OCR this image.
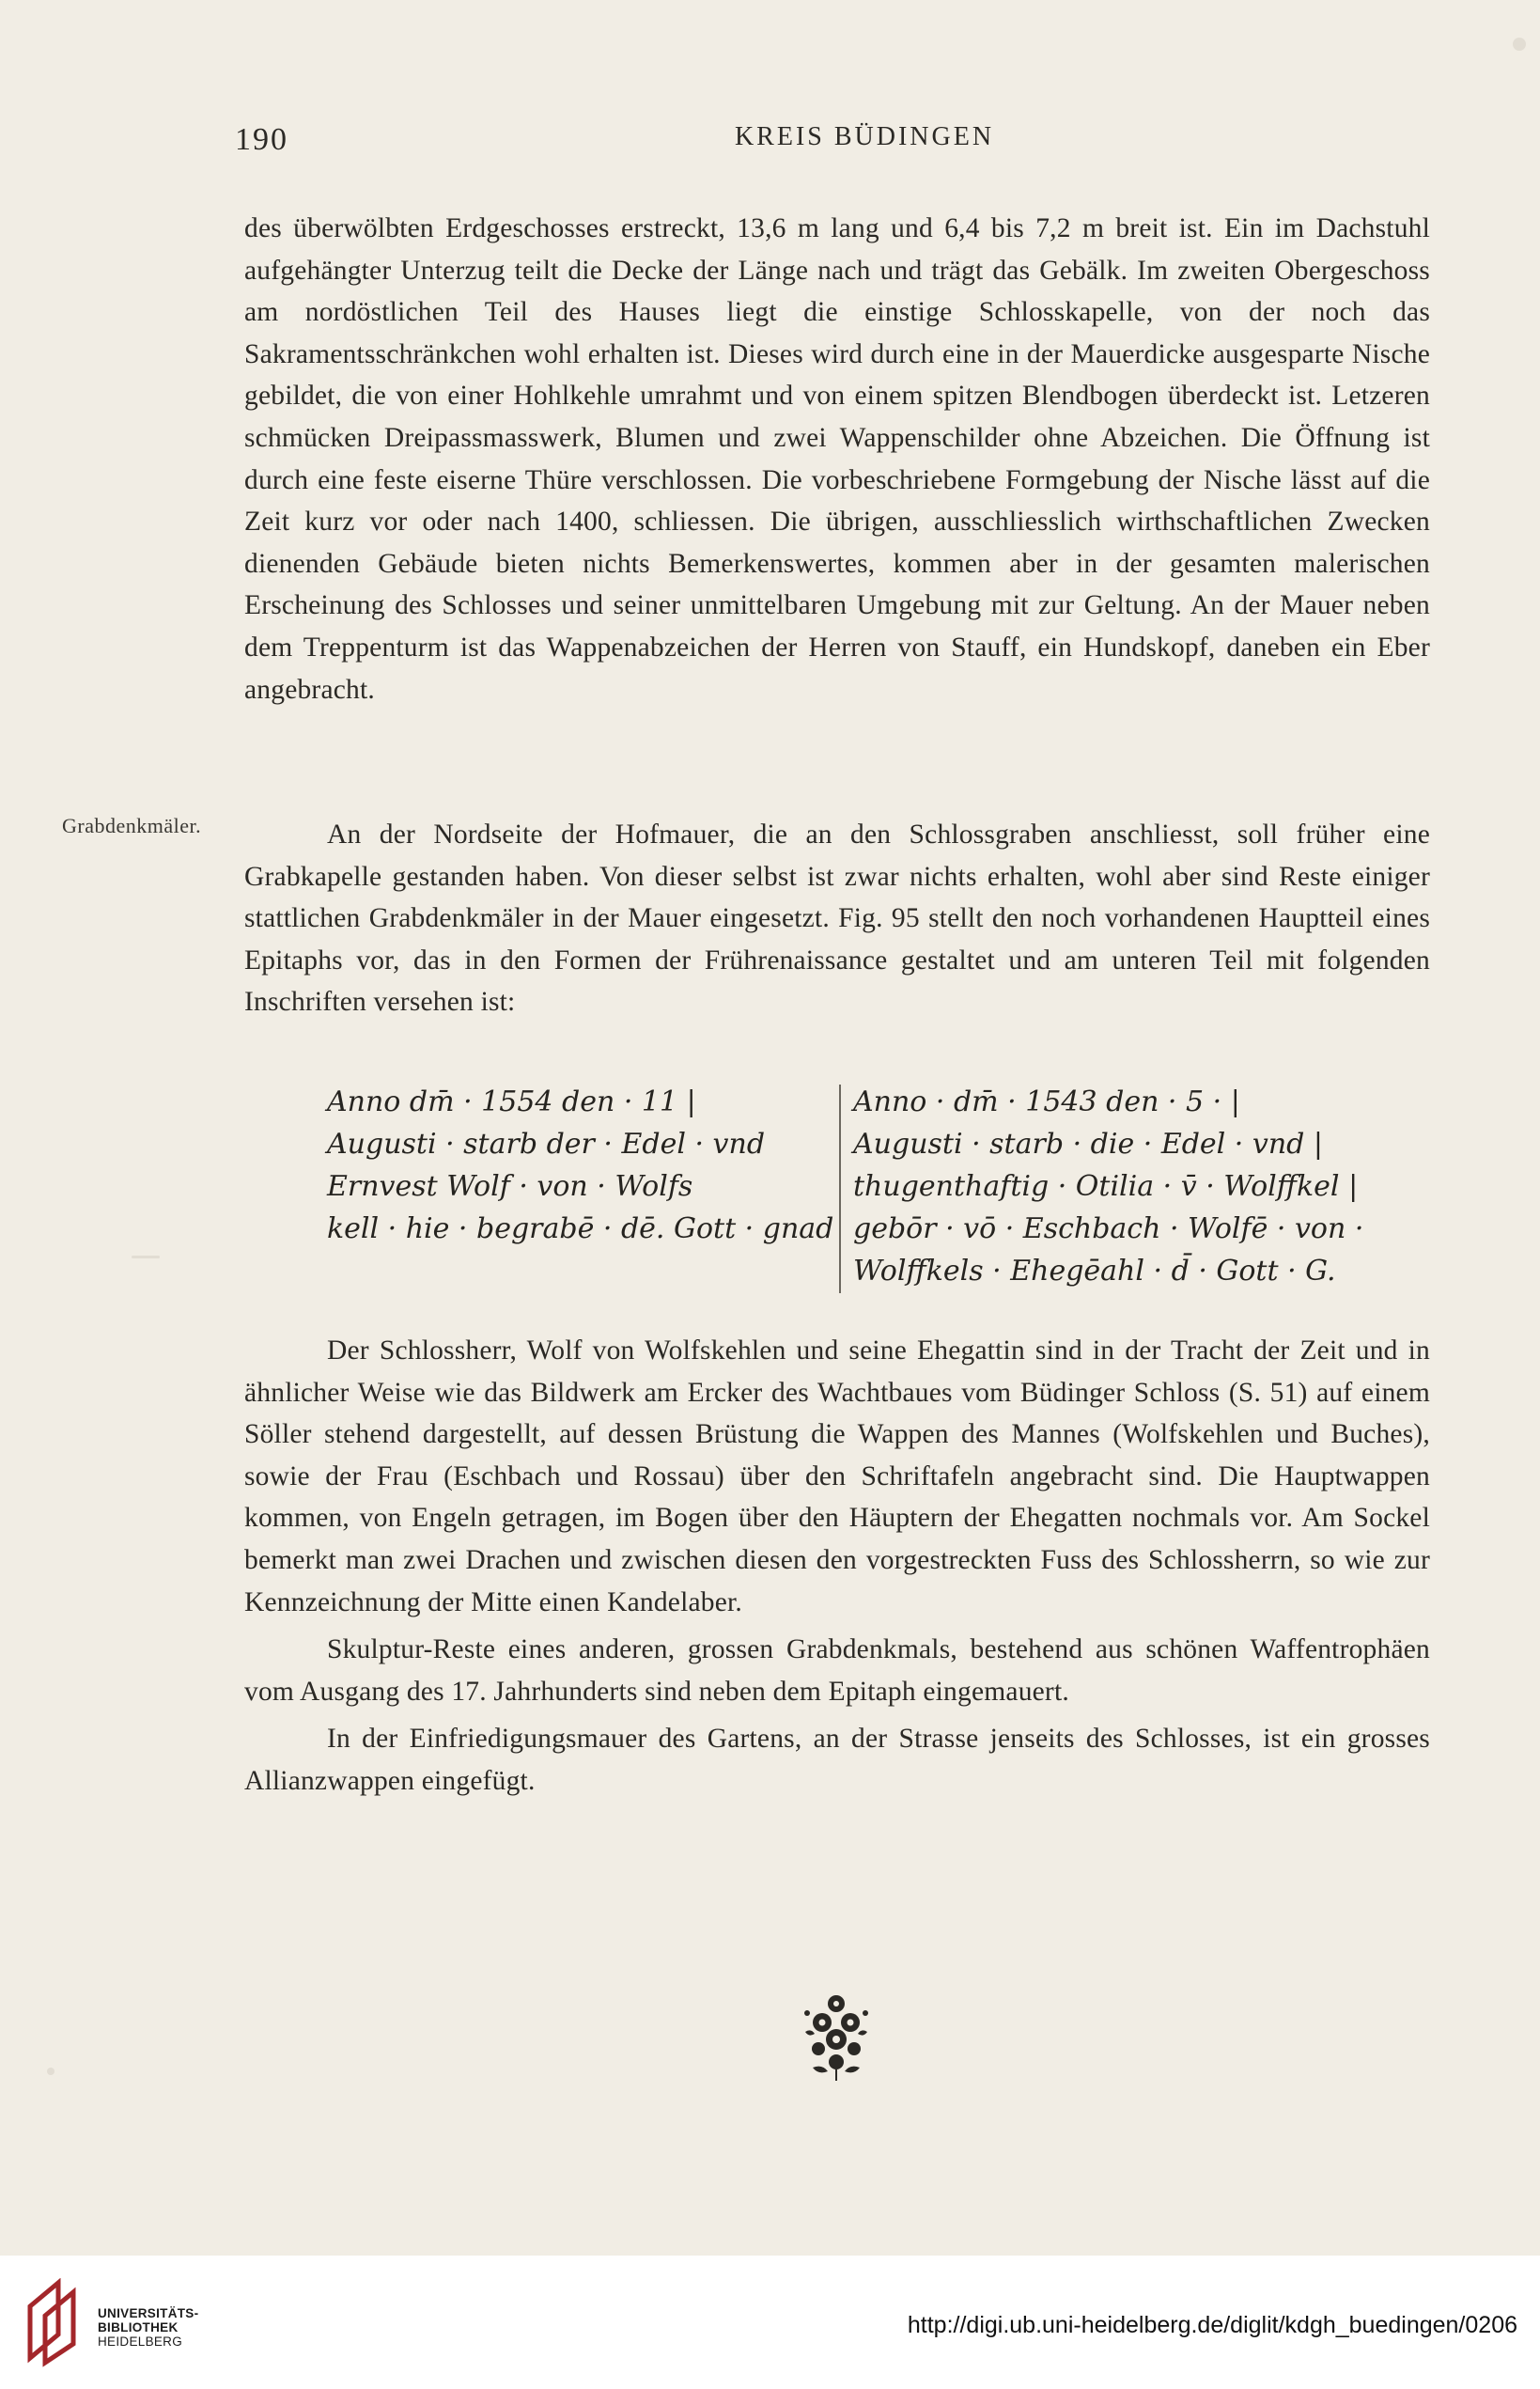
190	KREIS BÜDINGEN

des überwölbten Erdgeschosses erstreckt, 13,6 m lang und 6,4 bis 7,2 m breit ist. Ein im Dachstuhl aufgehängter Unterzug teilt die Decke der Länge nach und trägt das Gebälk. Im zweiten Obergeschoss am nordöstlichen Teil des Hauses liegt die einstige Schlosskapelle, von der noch das Sakramentsschränkchen wohl erhalten ist. Dieses wird durch eine in der Mauerdicke ausgesparte Nische gebildet, die von einer Hohlkehle umrahmt und von einem spitzen Blendbogen überdeckt ist. Letzeren schmücken Dreipassmasswerk, Blumen und zwei Wappenschilder ohne Abzeichen. Die Öffnung ist durch eine feste eiserne Thüre verschlossen. Die vorbeschriebene Formgebung der Nische lässt auf die Zeit kurz vor oder nach 1400, schliessen. Die übrigen, ausschliesslich wirthschaftlichen Zwecken dienenden Gebäude bieten nichts Bemerkenswertes, kommen aber in der gesamten malerischen Erscheinung des Schlosses und seiner unmittelbaren Umgebung mit zur Geltung. An der Mauer neben dem Treppenturm ist das Wappenabzeichen der Herren von Stauff, ein Hundskopf, daneben ein Eber angebracht.

Grabdenkmäler.	An der Nordseite der Hofmauer, die an den Schlossgraben anschliesst, soll früher eine Grabkapelle gestanden haben. Von dieser selbst ist zwar nichts erhalten, wohl aber sind Reste einiger stattlichen Grabdenkmäler in der Mauer eingesetzt. Fig. 95 stellt den noch vorhandenen Hauptteil eines Epitaphs vor, das in den Formen der Frührenaissance gestaltet und am unteren Teil mit folgenden Inschriften versehen ist:

Anno dm̄ · 1554 den · 11 |
Augusti · starb der · Edel · vnd
Ernvest Wolf · von · Wolfs
kell · hie · begrabē · dē. Gott · gnad
Anno · dm̄ · 1543 den · 5 · |
Augusti · starb · die · Edel · vnd |
thugenthaftig · Otilia · v̄ · Wolffkel |
gebōr · vō · Eschbach · Wolfē · von ·
Wolffkels · Ehegēahl · d̄ · Gott · G.

Der Schlossherr, Wolf von Wolfskehlen und seine Ehegattin sind in der Tracht der Zeit und in ähnlicher Weise wie das Bildwerk am Ercker des Wachtbaues vom Büdinger Schloss (S. 51) auf einem Söller stehend dargestellt, auf dessen Brüstung die Wappen des Mannes (Wolfskehlen und Buches), sowie der Frau (Eschbach und Rossau) über den Schriftafeln angebracht sind. Die Hauptwappen kommen, von Engeln getragen, im Bogen über den Häuptern der Ehegatten nochmals vor. Am Sockel bemerkt man zwei Drachen und zwischen diesen den vorgestreckten Fuss des Schlossherrn, so wie zur Kennzeichnung der Mitte einen Kandelaber.

Skulptur-Reste eines anderen, grossen Grabdenkmals, bestehend aus schönen Waffentrophäen vom Ausgang des 17. Jahrhunderts sind neben dem Epitaph eingemauert.

In der Einfriedigungsmauer des Gartens, an der Strasse jenseits des Schlosses, ist ein grosses Allianzwappen eingefügt.

UNIVERSITÄTS-
BIBLIOTHEK
HEIDELBERG
http://digi.ub.uni-heidelberg.de/diglit/kdgh_buedingen/0206
